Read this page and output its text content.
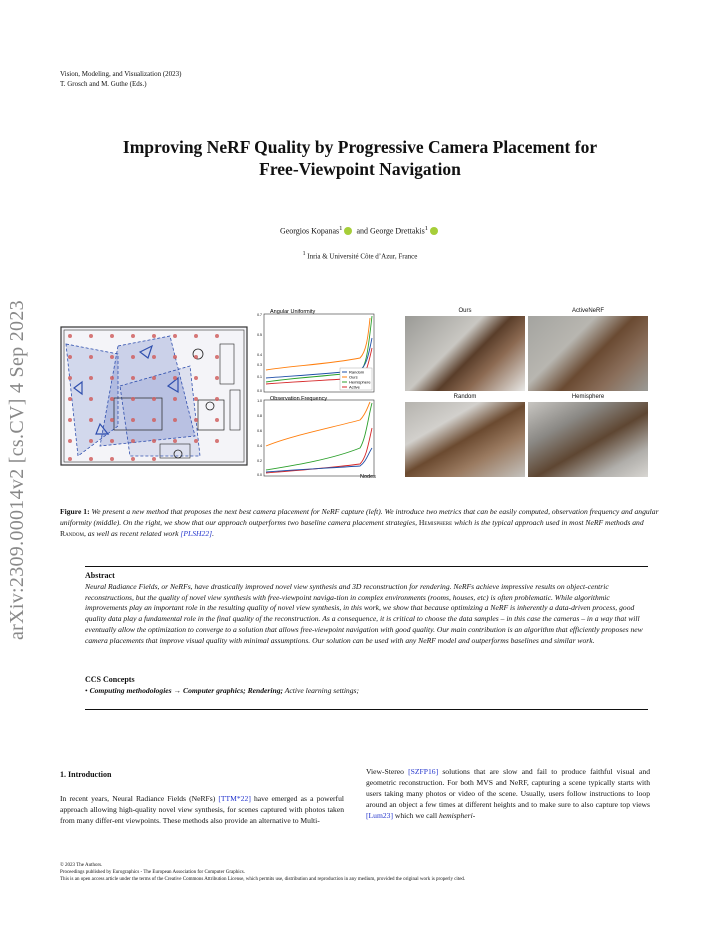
Vision, Modeling, and Visualization (2023)
T. Grosch and M. Guthe (Eds.)
Improving NeRF Quality by Progressive Camera Placement for
Free-Viewpoint Navigation
Georgios Kopanas$^1$ and George Drettakis$^1$
$^1$ Inria & Université Côte d’Azur, France
arXiv:2309.00014v2 [cs.CV] 4 Sep 2023	Angular Uniformity
Observation Frequency
Nodes
0.7
0.5
0.4
0.3
0.1
0.0
1.0
0.8
0.6
0.4
0.2
0.0
Random
Ours
Hemisphere
Active
Ours	ActiveNeRF
Random	Hemisphere
Figure 1: We present a new method that proposes the next best camera placement for NeRF capture (left). We introduce two metrics that can be easily computed, observation frequency and angular uniformity (middle). On the right, we show that our approach outperforms two baseline camera placement strategies, Hemisphere which is the typical approach used in most NeRF methods and Random, as well as recent related work [PLSH22].
Abstract
Neural Radiance Fields, or NeRFs, have drastically improved novel view synthesis and 3D reconstruction for rendering. NeRFs achieve impressive results on object-centric reconstructions, but the quality of novel view synthesis with free-viewpoint naviga-tion in complex environments (rooms, houses, etc) is often problematic. While algorithmic improvements play an important role in the resulting quality of novel view synthesis, in this work, we show that because optimizing a NeRF is inherently a data-driven process, good quality data play a fundamental role in the final quality of the reconstruction. As a consequence, it is critical to choose the data samples – in this case the cameras – in a way that will eventually allow the optimization to converge to a solution that allows free-viewpoint navigation with good quality. Our main contribution is an algorithm that efficiently proposes new camera placements that improve visual quality with minimal assumptions. Our solution can be used with any NeRF model and outperforms baselines and similar work.
CCS Concepts
• Computing methodologies → Computer graphics; Rendering; Active learning settings;
1. Introduction
In recent years, Neural Radiance Fields (NeRFs) [TTM*22] have emerged as a powerful approach allowing high-quality novel view synthesis, for scenes captured with photos taken from many differ-ent viewpoints. These methods also provide an alternative to Multi-
View-Stereo [SZFP16] solutions that are slow and fail to produce faithful visual and geometric reconstruction. For both MVS and NeRF, capturing a scene typically starts with users taking many photos or video of the scene. Usually, users follow instructions to loop around an object a few times at different heights and to make sure to also capture top views [Lum23] which we call hemispheri-
© 2023 The Authors.
Proceedings published by Eurographics - The European Association for Computer Graphics.
This is an open access article under the terms of the Creative Commons Attribution License, which permits use, distribution and reproduction in any medium, provided the original work is properly cited.
